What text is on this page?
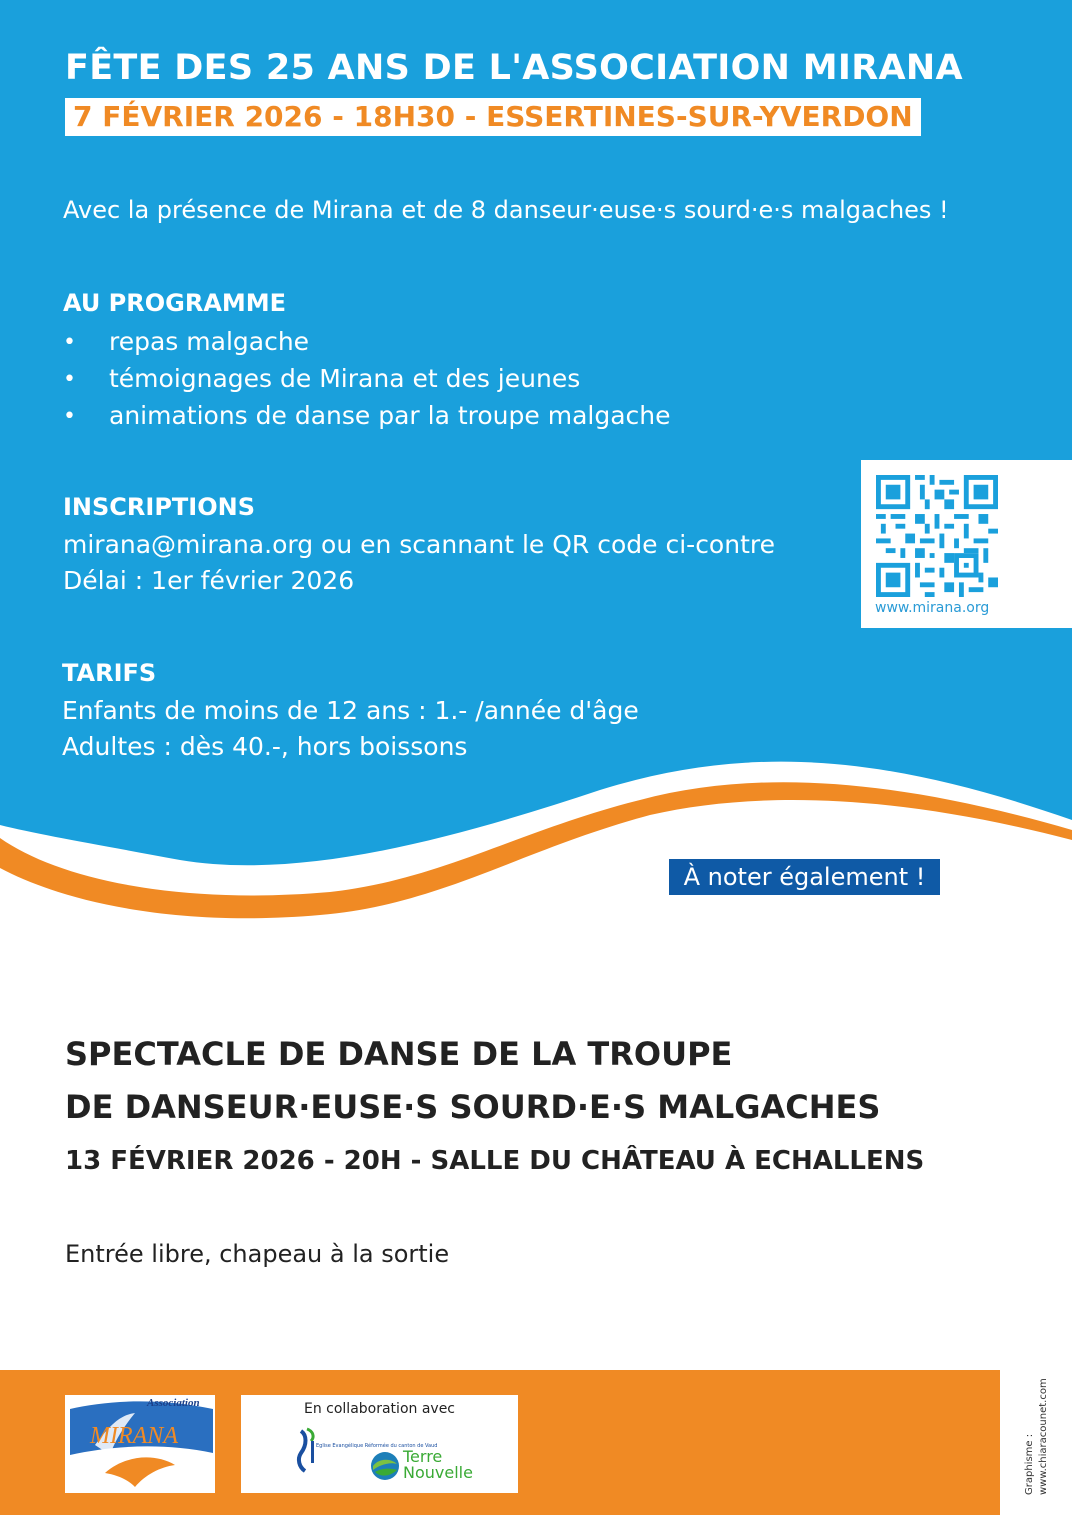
FÊTE DES 25 ANS DE L'ASSOCIATION MIRANA
7 FÉVRIER 2026 - 18H30 - ESSERTINES-SUR-YVERDON
Avec la présence de Mirana et de 8 danseur·euse·s sourd·e·s malgaches !
AU PROGRAMME
• repas malgache
• témoignages de Mirana et des jeunes
• animations de danse par la troupe malgache
INSCRIPTIONS
mirana@mirana.org ou en scannant le QR code ci-contre
Délai : 1er février 2026
www.mirana.org
TARIFS
Enfants de moins de 12 ans : 1.- /année d'âge
Adultes : dès 40.-, hors boissons
À noter également !
SPECTACLE DE DANSE DE LA TROUPE
DE DANSEUR·EUSE·S SOURD·E·S MALGACHES
13 FÉVRIER 2026 - 20H - SALLE DU CHÂTEAU À ECHALLENS
Entrée libre, chapeau à la sortie
Association
MIRANA
En collaboration avec
Eglise Evangélique Réformée du canton de Vaud
Terre
Nouvelle	Graphisme : www.chiaracounet.com
